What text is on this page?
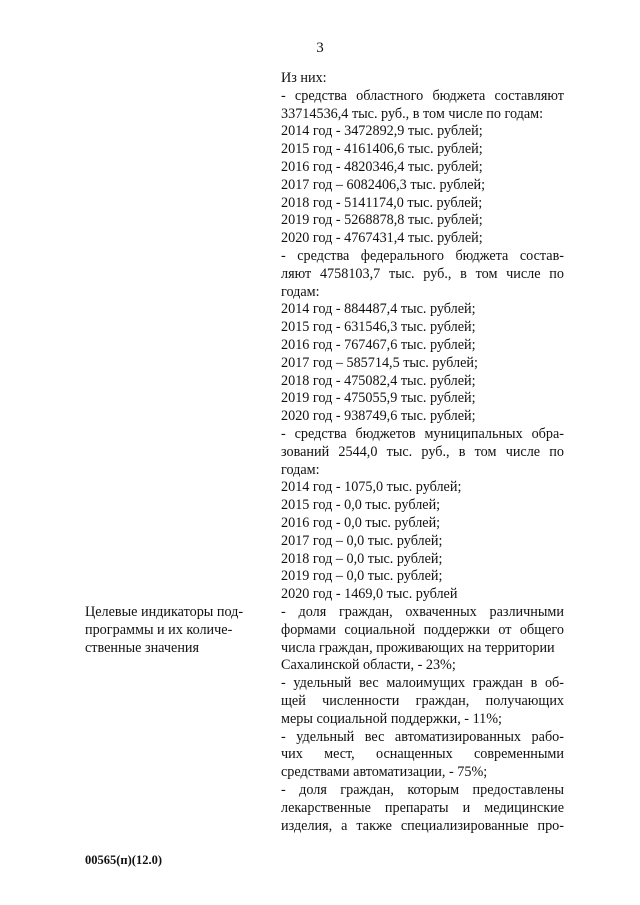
3
Из них:
- средства областного бюджета составляют
33714536,4 тыс. руб., в том числе по годам:
2014 год - 3472892,9 тыс. рублей;
2015 год - 4161406,6 тыс. рублей;
2016 год - 4820346,4 тыс. рублей;
2017 год – 6082406,3 тыс. рублей;
2018 год - 5141174,0 тыс. рублей;
2019 год - 5268878,8 тыс. рублей;
2020 год - 4767431,4 тыс. рублей;
- средства федерального бюджета состав-
ляют 4758103,7 тыс. руб., в том числе по
годам:
2014 год - 884487,4 тыс. рублей;
2015 год - 631546,3 тыс. рублей;
2016 год - 767467,6 тыс. рублей;
2017 год – 585714,5 тыс. рублей;
2018 год - 475082,4 тыс. рублей;
2019 год - 475055,9 тыс. рублей;
2020 год - 938749,6 тыс. рублей;
- средства бюджетов муниципальных обра-
зований 2544,0 тыс. руб., в том числе по
годам:
2014 год - 1075,0 тыс. рублей;
2015 год - 0,0 тыс. рублей;
2016 год - 0,0 тыс. рублей;
2017 год – 0,0 тыс. рублей;
2018 год – 0,0 тыс. рублей;
2019 год – 0,0 тыс. рублей;
2020 год - 1469,0 тыс. рублей
Целевые индикаторы под-
программы и их количе-
ственные значения
- доля граждан, охваченных различными
формами социальной поддержки от общего
числа граждан, проживающих на территории Сахалинской области, - 23%;
- удельный вес малоимущих граждан в об-
щей численности граждан, получающих
меры социальной поддержки, - 11%;
- удельный вес автоматизированных рабо-
чих мест, оснащенных современными
средствами автоматизации, - 75%;
- доля граждан, которым предоставлены
лекарственные препараты и медицинские
изделия, а также специализированные про-
00565(п)(12.0)
